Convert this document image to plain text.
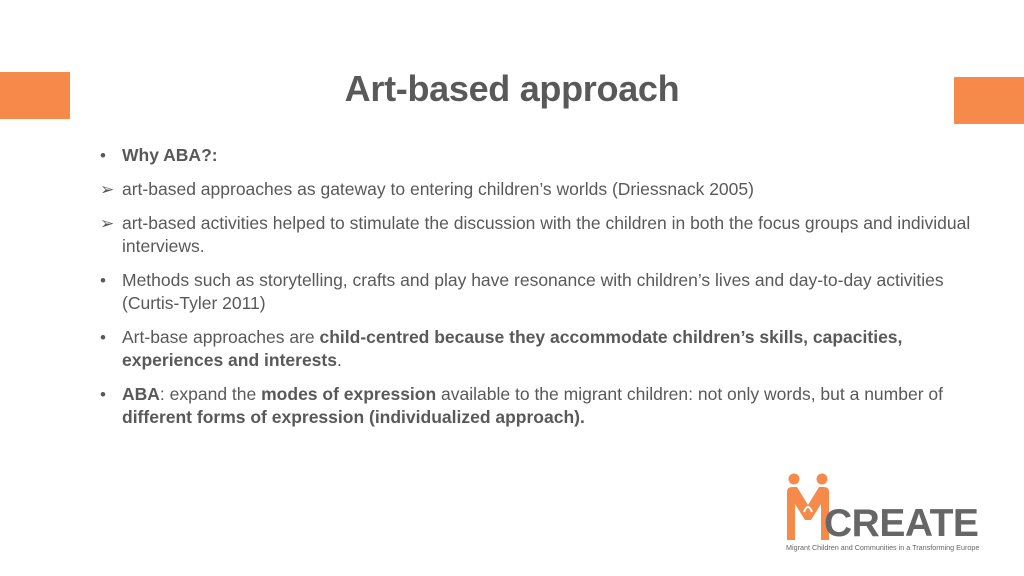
Art-based approach
• Why ABA?:
➢ art-based approaches as gateway to entering children’s worlds (Driessnack 2005)
➢ art-based activities helped to stimulate the discussion with the children in both the focus groups and individual interviews.
• Methods such as storytelling, crafts and play have resonance with children’s lives and day-to-day activities (Curtis-Tyler 2011)
• Art-base approaches are child-centred because they accommodate children’s skills, capacities, experiences and interests.
• ABA: expand the modes of expression available to the migrant children: not only words, but a number of different forms of expression (individualized approach).
CREATE
Migrant Children and Communities in a Transforming Europe
